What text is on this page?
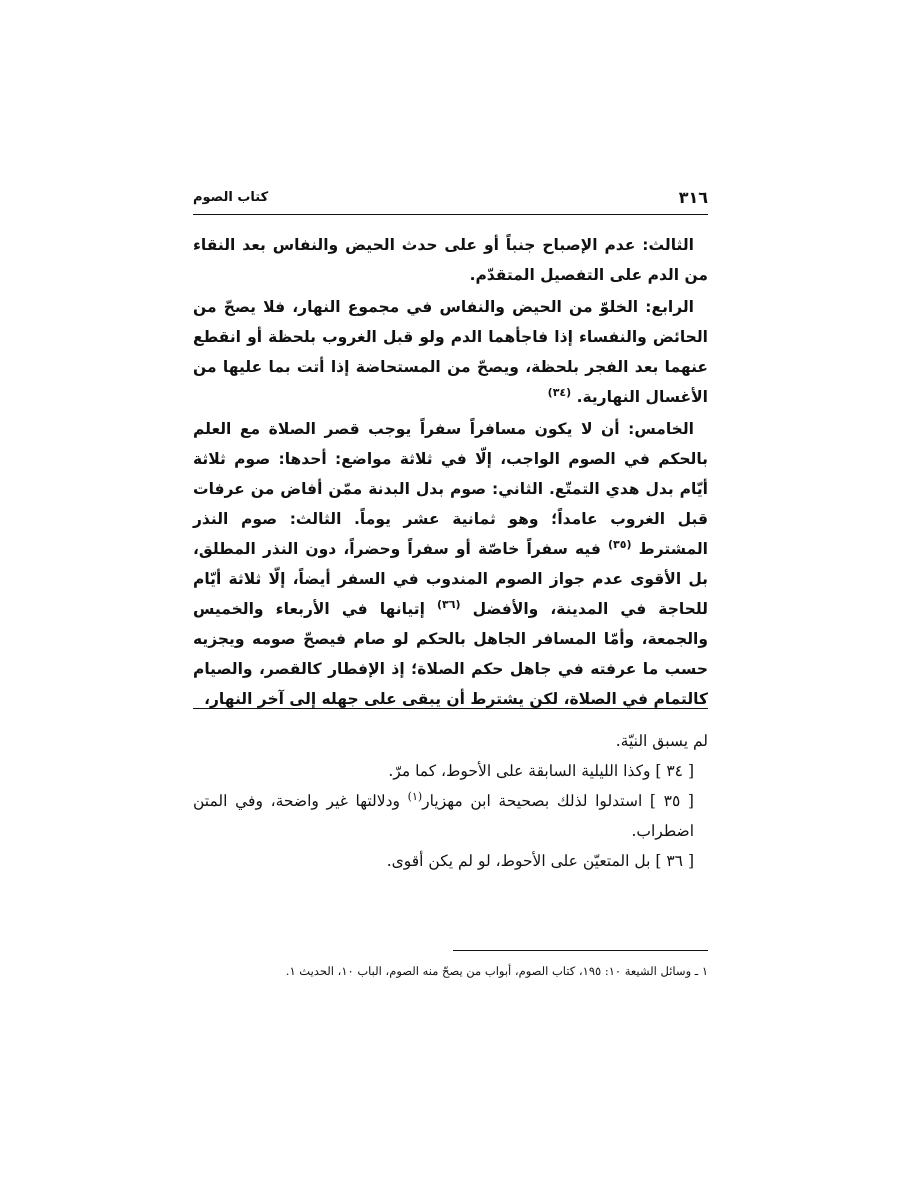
كتاب الصوم	٣١٦

الثالث: عدم الإصباح جنباً أو على حدث الحيض والنفاس بعد النقاء من الدم على التفصيل المتقدّم.

الرابع: الخلوّ من الحيض والنفاس في مجموع النهار، فلا يصحّ من الحائض والنفساء إذا فاجأهما الدم ولو قبل الغروب بلحظة أو انقطع عنهما بعد الفجر بلحظة، ويصحّ من المستحاضة إذا أتت بما عليها من الأغسال النهارية. $^{(٣٤)}$

الخامس: أن لا يكون مسافراً سفراً يوجب قصر الصلاة مع العلم بالحكم في الصوم الواجب، إلّا في ثلاثة مواضع: أحدها: صوم ثلاثة أيّام بدل هدي التمتّع. الثاني: صوم بدل البدنة ممّن أفاض من عرفات قبل الغروب عامداً؛ وهو ثمانية عشر يوماً. الثالث: صوم النذر المشترط $^{(٣٥)}$ فيه سفراً خاصّة أو سفراً وحضراً، دون النذر المطلق، بل الأقوى عدم جواز الصوم المندوب في السفر أيضاً، إلّا ثلاثة أيّام للحاجة في المدينة، والأفضل $^{(٣٦)}$ إتيانها في الأربعاء والخميس والجمعة، وأمّا المسافر الجاهل بالحكم لو صام فيصحّ صومه ويجزيه حسب ما عرفته في جاهل حكم الصلاة؛ إذ الإفطار كالقصر، والصيام كالتمام في الصلاة، لكن يشترط أن يبقى على جهله إلى آخر النهار،

لم يسبق النيّة.

[ ٣٤ ] وكذا الليلية السابقة على الأحوط، كما مرّ.

[ ٣٥ ] استدلوا لذلك بصحيحة ابن مهزيار$^{(١)}$ ودلالتها غير واضحة، وفي المتن اضطراب.

[ ٣٦ ] بل المتعيّن على الأحوط، لو لم يكن أقوى.

١ ـ وسائل الشيعة ١٠: ١٩٥، كتاب الصوم، أبواب من يصحّ منه الصوم، الباب ١٠، الحديث ١.
